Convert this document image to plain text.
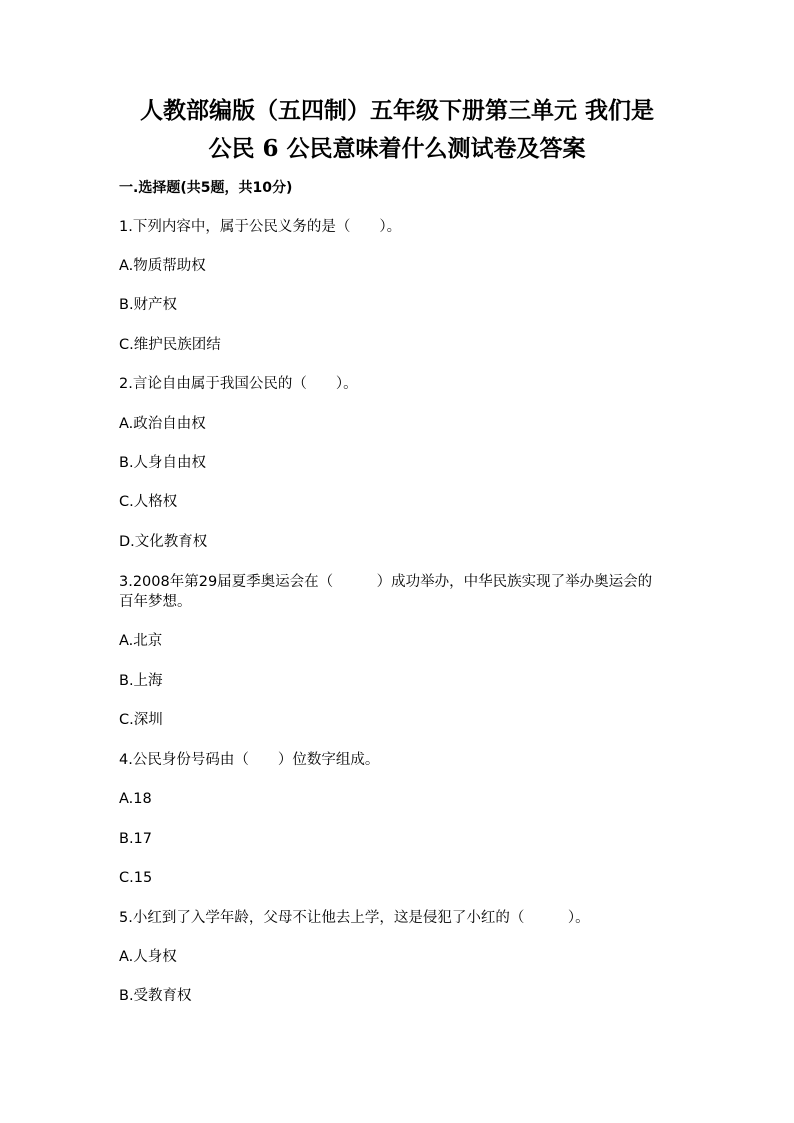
人教部编版（五四制）五年级下册第三单元 我们是
公民 6 公民意味着什么测试卷及答案
一.选择题(共5题，共10分)
1.下列内容中，属于公民义务的是（　　）。
A.物质帮助权
B.财产权
C.维护民族团结
2.言论自由属于我国公民的（　　）。
A.政治自由权
B.人身自由权
C.人格权
D.文化教育权
3.2008年第29届夏季奥运会在（　　　）成功举办，中华民族实现了举办奥运会的百年梦想。
A.北京
B.上海
C.深圳
4.公民身份号码由（　　）位数字组成。
A.18
B.17
C.15
5.小红到了入学年龄，父母不让他去上学，这是侵犯了小红的（　　　）。
A.人身权
B.受教育权
